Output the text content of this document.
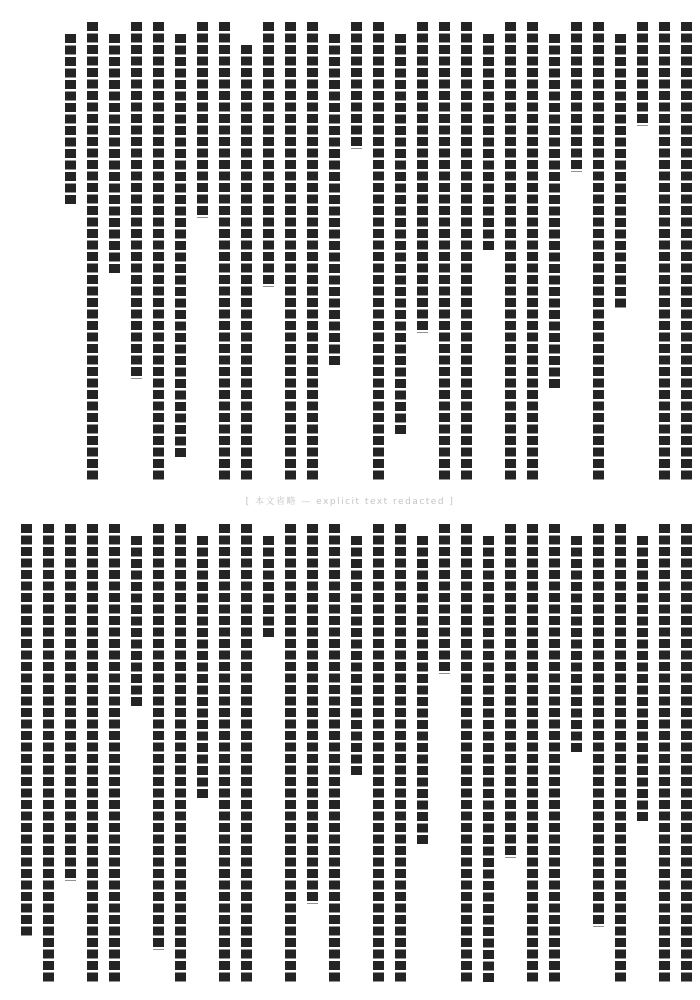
[ 本文省略 — explicit text redacted ]
